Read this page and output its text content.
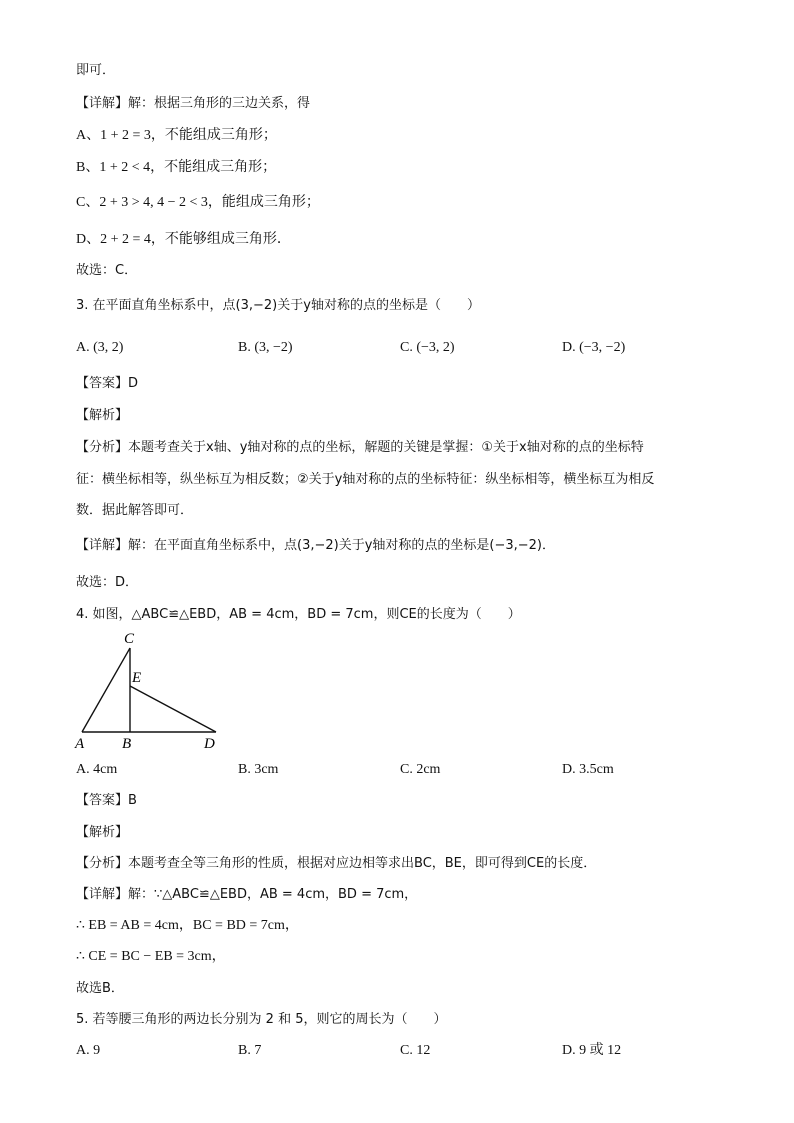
即可．
【详解】解：根据三角形的三边关系，得
A、1 + 2 = 3，不能组成三角形；
B、1 + 2 < 4，不能组成三角形；
C、2 + 3 > 4, 4 − 2 < 3，能组成三角形；
D、2 + 2 = 4，不能够组成三角形．
故选：C．
3. 在平面直角坐标系中，点(3,−2)关于y轴对称的点的坐标是（　　）
A. (3, 2)	B. (3, −2)	C. (−3, 2)	D. (−3, −2)
【答案】D
【解析】
【分析】本题考查关于x轴、y轴对称的点的坐标，解题的关键是掌握：①关于x轴对称的点的坐标特
征：横坐标相等，纵坐标互为相反数；②关于y轴对称的点的坐标特征：纵坐标相等，横坐标互为相反
数．据此解答即可．
【详解】解：在平面直角坐标系中，点(3,−2)关于y轴对称的点的坐标是(−3,−2)．
故选：D．
4. 如图，△ABC≌△EBD，AB = 4cm，BD = 7cm，则CE的长度为（　　）
C
E
A	B	D
A. 4cm	B. 3cm	C. 2cm	D. 3.5cm
【答案】B
【解析】
【分析】本题考查全等三角形的性质，根据对应边相等求出BC，BE，即可得到CE的长度．
【详解】解：∵△ABC≌△EBD，AB = 4cm，BD = 7cm，
∴ EB = AB = 4cm，BC = BD = 7cm，
∴ CE = BC − EB = 3cm，
故选B．
5. 若等腰三角形的两边长分别为 2 和 5，则它的周长为（　　）
A. 9	B. 7	C. 12	D. 9 或 12
